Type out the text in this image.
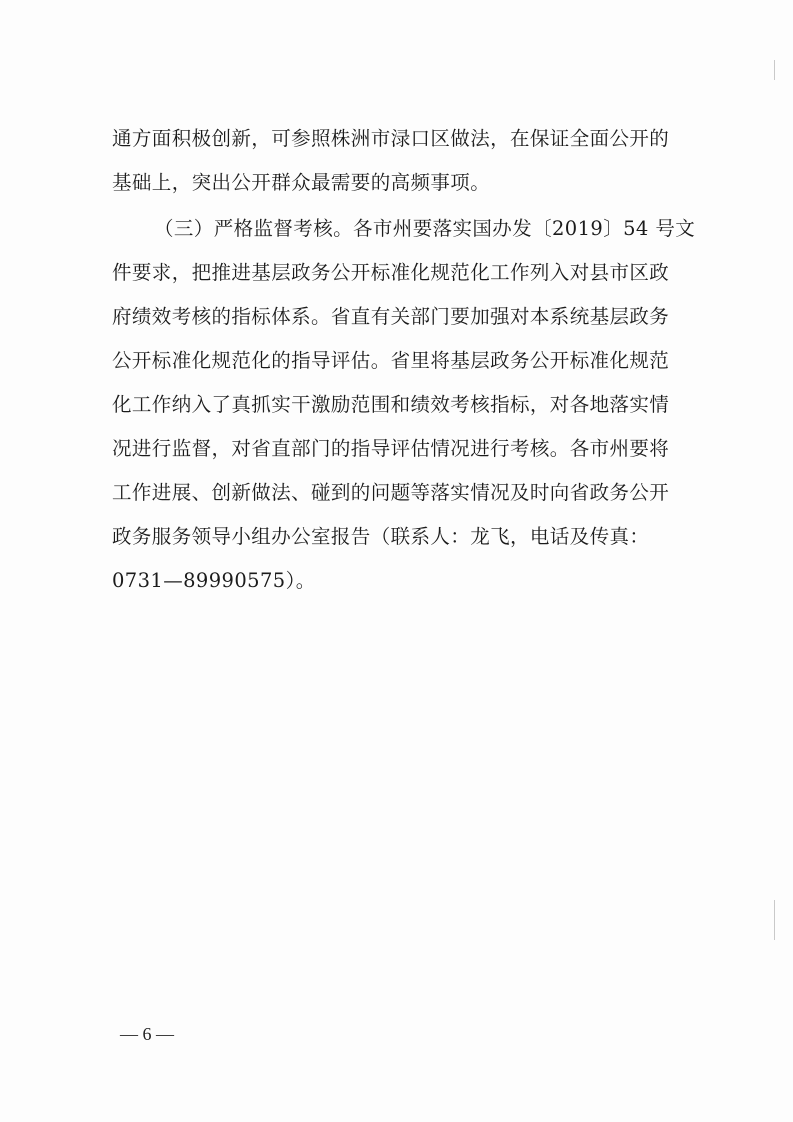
通方面积极创新，可参照株洲市渌口区做法，在保证全面公开的
基础上，突出公开群众最需要的高频事项。
（三）严格监督考核。各市州要落实国办发〔2019〕54 号文
件要求，把推进基层政务公开标准化规范化工作列入对县市区政
府绩效考核的指标体系。省直有关部门要加强对本系统基层政务
公开标准化规范化的指导评估。省里将基层政务公开标准化规范
化工作纳入了真抓实干激励范围和绩效考核指标，对各地落实情
况进行监督，对省直部门的指导评估情况进行考核。各市州要将
工作进展、创新做法、碰到的问题等落实情况及时向省政务公开
政务服务领导小组办公室报告（联系人：龙飞，电话及传真：
0731—89990575）。
— 6 —
